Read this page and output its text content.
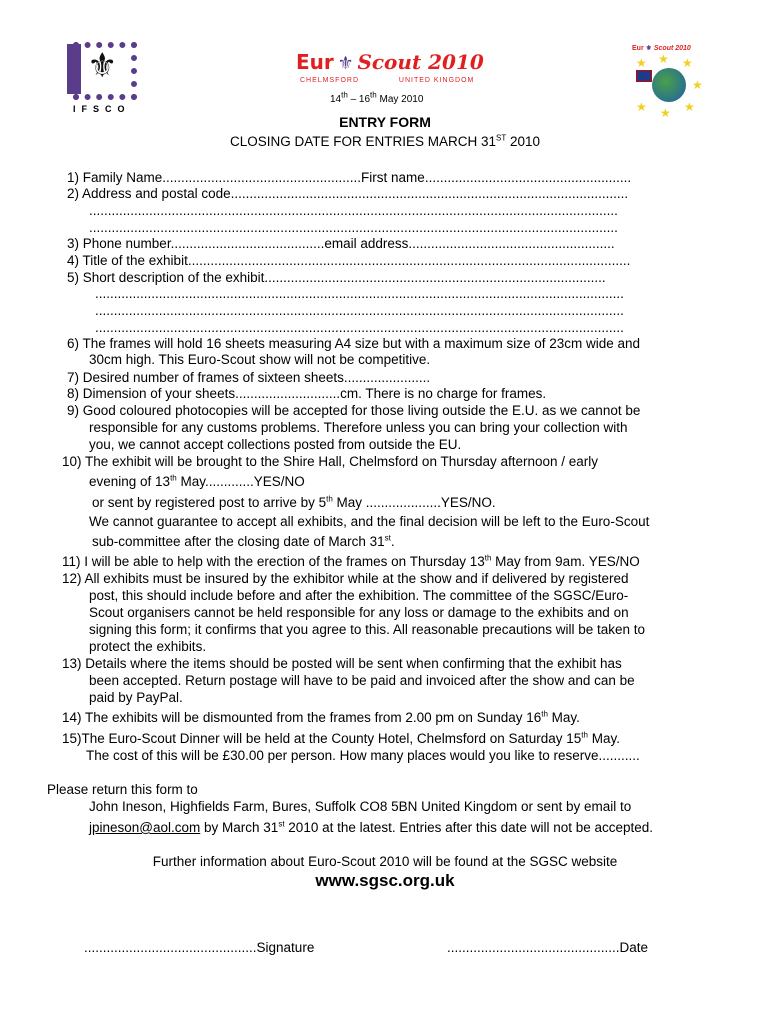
⚜
IFSCO
Eur ⚜ Scout 2010
CHELMSFORD	UNITED KINGDOM
Eur ⚜ Scout 2010
★ ★ ★
★
★
★ ★
14th – 16th May 2010
ENTRY FORM
CLOSING DATE FOR ENTRIES MARCH 31ST 2010
1) Family Name.....................................................First name.......................................................
2) Address and postal code..........................................................................................................
.............................................................................................................................................
.............................................................................................................................................
3) Phone number.........................................email address.......................................................
4) Title of the exhibit......................................................................................................................
5) Short description of the exhibit...........................................................................................
.............................................................................................................................................
.............................................................................................................................................
.............................................................................................................................................
6) The frames will hold 16 sheets measuring A4 size but with a maximum size of 23cm wide and
30cm high. This Euro-Scout show will not be competitive.
7) Desired number of frames of sixteen sheets.......................
8) Dimension of your sheets............................cm. There is no charge for frames.
9) Good coloured photocopies will be accepted for those living outside the E.U. as we cannot be
responsible for any customs problems. Therefore unless you can bring your collection with
you, we cannot accept collections posted from outside the EU.
10) The exhibit will be brought to the Shire Hall, Chelmsford on Thursday afternoon / early
evening of 13th May.............YES/NO
or sent by registered post to arrive by 5th May ....................YES/NO.
We cannot guarantee to accept all exhibits, and the final decision will be left to the Euro-Scout
sub-committee after the closing date of March 31st.
11) I will be able to help with the erection of the frames on Thursday 13th May from 9am. YES/NO
12) All exhibits must be insured by the exhibitor while at the show and if delivered by registered
post, this should include before and after the exhibition. The committee of the SGSC/Euro-
Scout organisers cannot be held responsible for any loss or damage to the exhibits and on
signing this form; it confirms that you agree to this. All reasonable precautions will be taken to
protect the exhibits.
13) Details where the items should be posted will be sent when confirming that the exhibit has
been accepted. Return postage will have to be paid and invoiced after the show and can be
paid by PayPal.
14) The exhibits will be dismounted from the frames from 2.00 pm on Sunday 16th May.
15)The Euro-Scout Dinner will be held at the County Hotel, Chelmsford on Saturday 15th May.
The cost of this will be £30.00 per person. How many places would you like to reserve...........
Please return this form to
John Ineson, Highfields Farm, Bures, Suffolk CO8 5BN United Kingdom or sent by email to
jpineson@aol.com by March 31st 2010 at the latest. Entries after this date will not be accepted.
Further information about Euro-Scout 2010 will be found at the SGSC website
www.sgsc.org.uk
..............................................Signature	..............................................Date
